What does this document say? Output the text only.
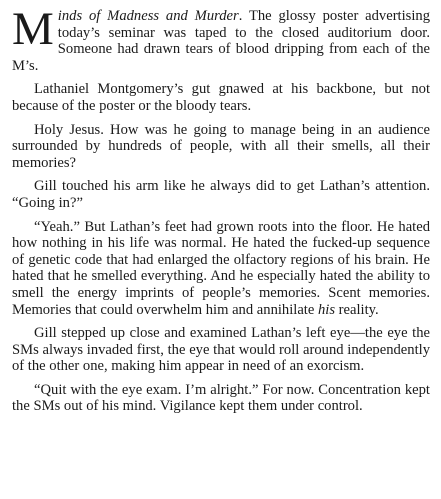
Minds of Madness and Murder. The glossy poster advertising today’s seminar was taped to the closed auditorium door. Someone had drawn tears of blood dripping from each of the M’s.

Lathaniel Montgomery’s gut gnawed at his backbone, but not because of the poster or the bloody tears.

Holy Jesus. How was he going to manage being in an audience surrounded by hundreds of people, with all their smells, all their memories?

Gill touched his arm like he always did to get Lathan’s attention. “Going in?”

“Yeah.” But Lathan’s feet had grown roots into the floor. He hated how nothing in his life was normal. He hated the fucked-up sequence of genetic code that had enlarged the olfactory regions of his brain. He hated that he smelled everything. And he especially hated the ability to smell the energy imprints of people’s memories. Scent memories. Memories that could overwhelm him and annihilate his reality.

Gill stepped up close and examined Lathan’s left eye—the eye the SMs always invaded first, the eye that would roll around independently of the other one, making him appear in need of an exorcism.

“Quit with the eye exam. I’m alright.” For now. Concentration kept the SMs out of his mind. Vigilance kept them under control.
